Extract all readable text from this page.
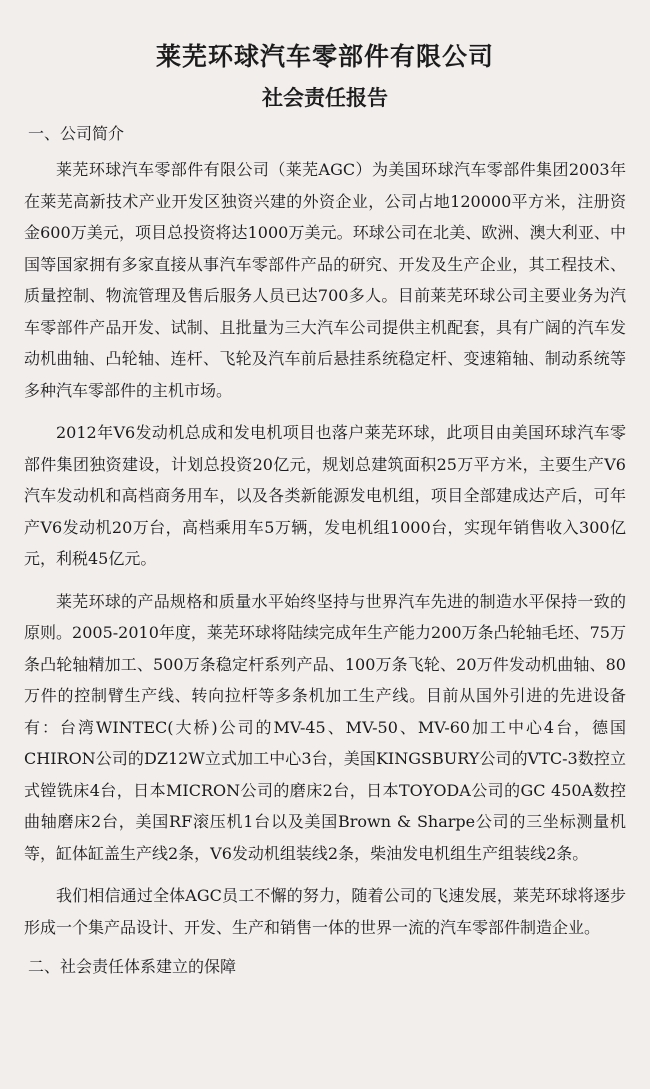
莱芜环球汽车零部件有限公司
社会责任报告
一、公司简介

莱芜环球汽车零部件有限公司（莱芜AGC）为美国环球汽车零部件集团2003年在莱芜高新技术产业开发区独资兴建的外资企业，公司占地120000平方米，注册资金600万美元，项目总投资将达1000万美元。环球公司在北美、欧洲、澳大利亚、中国等国家拥有多家直接从事汽车零部件产品的研究、开发及生产企业，其工程技术、质量控制、物流管理及售后服务人员已达700多人。目前莱芜环球公司主要业务为汽车零部件产品开发、试制、且批量为三大汽车公司提供主机配套，具有广阔的汽车发动机曲轴、凸轮轴、连杆、飞轮及汽车前后悬挂系统稳定杆、变速箱轴、制动系统等多种汽车零部件的主机市场。

2012年V6发动机总成和发电机项目也落户莱芜环球，此项目由美国环球汽车零部件集团独资建设，计划总投资20亿元，规划总建筑面积25万平方米，主要生产V6汽车发动机和高档商务用车，以及各类新能源发电机组，项目全部建成达产后，可年产V6发动机20万台，高档乘用车5万辆，发电机组1000台，实现年销售收入300亿元，利税45亿元。

莱芜环球的产品规格和质量水平始终坚持与世界汽车先进的制造水平保持一致的原则。2005-2010年度，莱芜环球将陆续完成年生产能力200万条凸轮轴毛坯、75万条凸轮轴精加工、500万条稳定杆系列产品、100万条飞轮、20万件发动机曲轴、80万件的控制臂生产线、转向拉杆等多条机加工生产线。目前从国外引进的先进设备有：台湾WINTEC(大桥)公司的MV-45、MV-50、MV-60加工中心4台，德国CHIRON公司的DZ12W立式加工中心3台，美国KINGSBURY公司的VTC-3数控立式镗铣床4台，日本MICRON公司的磨床2台，日本TOYODA公司的GC 450A数控曲轴磨床2台，美国RF滚压机1台以及美国Brown & Sharpe公司的三坐标测量机等，缸体缸盖生产线2条，V6发动机组装线2条，柴油发电机组生产组装线2条。

我们相信通过全体AGC员工不懈的努力，随着公司的飞速发展，莱芜环球将逐步形成一个集产品设计、开发、生产和销售一体的世界一流的汽车零部件制造企业。

二、社会责任体系建立的保障
